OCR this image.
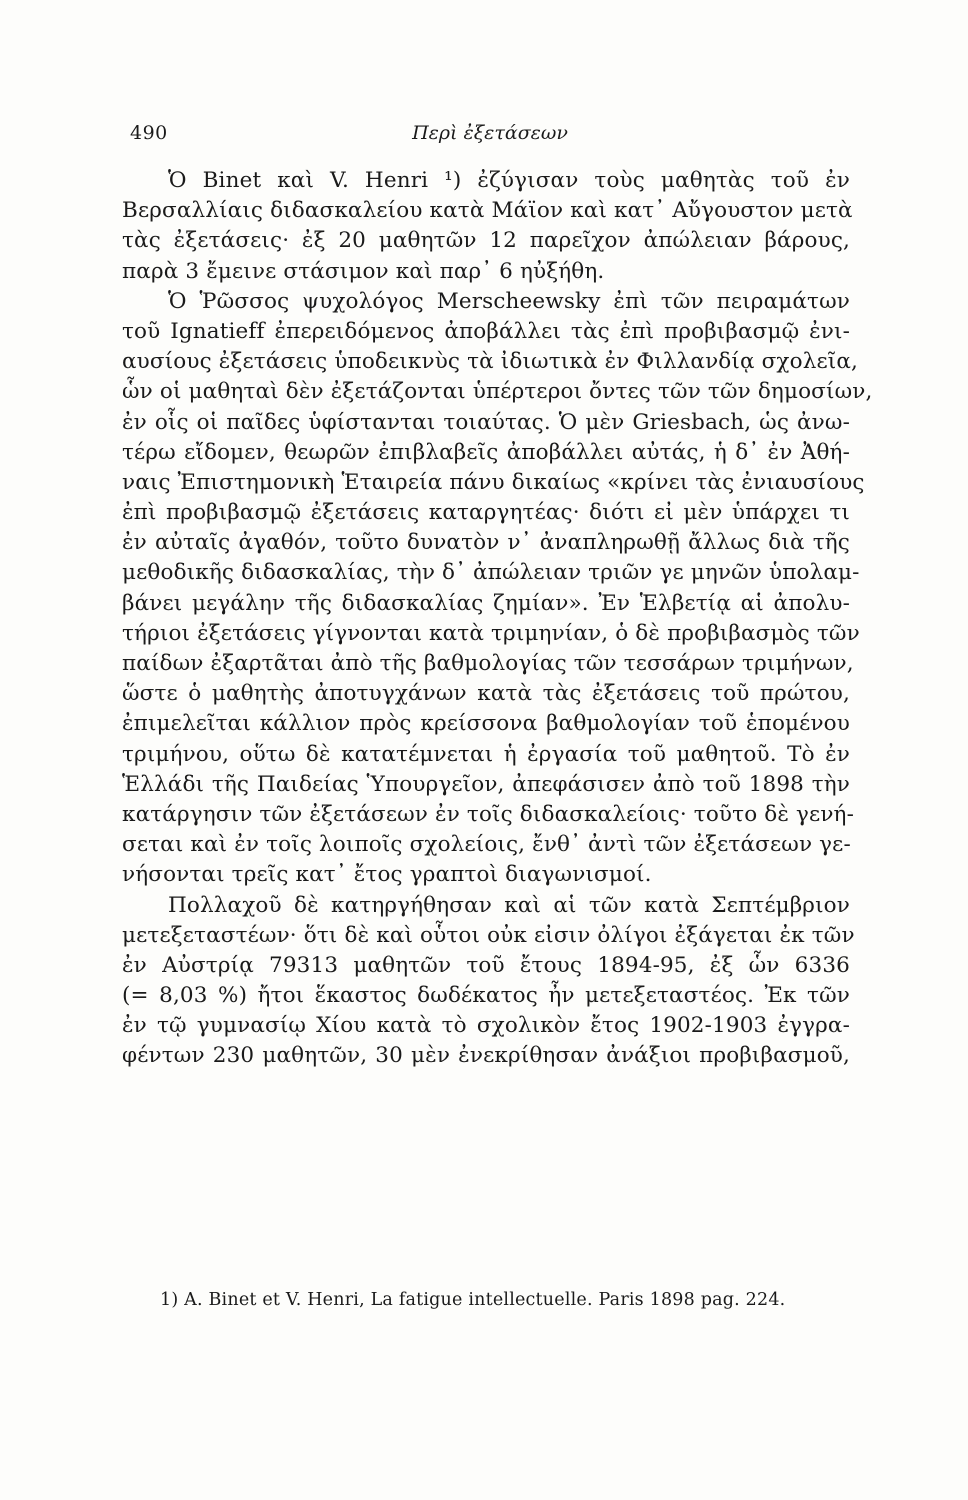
490	Περὶ ἐξετάσεων
Ὁ Binet καὶ V. Henri ¹) ἐζύγισαν τοὺς μαθητὰς τοῦ ἐν
Βερσαλλίαις διδασκαλείου κατὰ Μάϊον καὶ κατ᾽ Αὔγουστον μετὰ
τὰς ἐξετάσεις· ἐξ 20 μαθητῶν 12 παρεῖχον ἀπώλειαν βάρους,
παρὰ 3 ἔμεινε στάσιμον καὶ παρ᾽ 6 ηὐξήθη.
Ὁ Ῥῶσσος ψυχολόγος Merscheewsky ἐπὶ τῶν πειραμάτων
τοῦ Ignatieff ἐπερειδόμενος ἀποβάλλει τὰς ἐπὶ προβιβασμῷ ἐνι-
αυσίους ἐξετάσεις ὑποδεικνὺς τὰ ἰδιωτικὰ ἐν Φιλλανδίᾳ σχολεῖα,
ὧν οἱ μαθηταὶ δὲν ἐξετάζονται ὑπέρτεροι ὄντες τῶν τῶν δημοσίων,
ἐν οἷς οἱ παῖδες ὑφίστανται τοιαύτας. Ὁ μὲν Griesbach, ὡς ἀνω-
τέρω εἴδομεν, θεωρῶν ἐπιβλαβεῖς ἀποβάλλει αὐτάς, ἡ δ᾽ ἐν Ἀθή-
ναις Ἐπιστημονικὴ Ἑταιρεία πάνυ δικαίως «κρίνει τὰς ἐνιαυσίους
ἐπὶ προβιβασμῷ ἐξετάσεις καταργητέας· διότι εἰ μὲν ὑπάρχει τι
ἐν αὐταῖς ἀγαθόν, τοῦτο δυνατὸν ν᾽ ἀναπληρωθῇ ἄλλως διὰ τῆς
μεθοδικῆς διδασκαλίας, τὴν δ᾽ ἀπώλειαν τριῶν γε μηνῶν ὑπολαμ-
βάνει μεγάλην τῆς διδασκαλίας ζημίαν». Ἐν Ἑλβετίᾳ αἱ ἀπολυ-
τήριοι ἐξετάσεις γίγνονται κατὰ τριμηνίαν, ὁ δὲ προβιβασμὸς τῶν
παίδων ἐξαρτᾶται ἀπὸ τῆς βαθμολογίας τῶν τεσσάρων τριμήνων,
ὥστε ὁ μαθητὴς ἀποτυγχάνων κατὰ τὰς ἐξετάσεις τοῦ πρώτου,
ἐπιμελεῖται κάλλιον πρὸς κρείσσονα βαθμολογίαν τοῦ ἑπομένου
τριμήνου, οὕτω δὲ κατατέμνεται ἡ ἐργασία τοῦ μαθητοῦ. Τὸ ἐν
Ἑλλάδι τῆς Παιδείας Ὑπουργεῖον, ἀπεφάσισεν ἀπὸ τοῦ 1898 τὴν
κατάργησιν τῶν ἐξετάσεων ἐν τοῖς διδασκαλείοις· τοῦτο δὲ γενή-
σεται καὶ ἐν τοῖς λοιποῖς σχολείοις, ἔνθ᾽ ἀντὶ τῶν ἐξετάσεων γε-
νήσονται τρεῖς κατ᾽ ἔτος γραπτοὶ διαγωνισμοί.
Πολλαχοῦ δὲ κατηργήθησαν καὶ αἱ τῶν κατὰ Σεπτέμβριον
μετεξεταστέων· ὅτι δὲ καὶ οὗτοι οὐκ εἰσιν ὀλίγοι ἐξάγεται ἐκ τῶν
ἐν Αὐστρίᾳ 79313 μαθητῶν τοῦ ἔτους 1894-95, ἐξ ὧν 6336
(= 8,03 %) ἤτοι ἕκαστος δωδέκατος ἦν μετεξεταστέος. Ἐκ τῶν
ἐν τῷ γυμνασίῳ Χίου κατὰ τὸ σχολικὸν ἔτος 1902-1903 ἐγγρα-
φέντων 230 μαθητῶν, 30 μὲν ἐνεκρίθησαν ἀνάξιοι προβιβασμοῦ,
1) A. Binet et V. Henri, La fatigue intellectuelle. Paris 1898 pag. 224.
